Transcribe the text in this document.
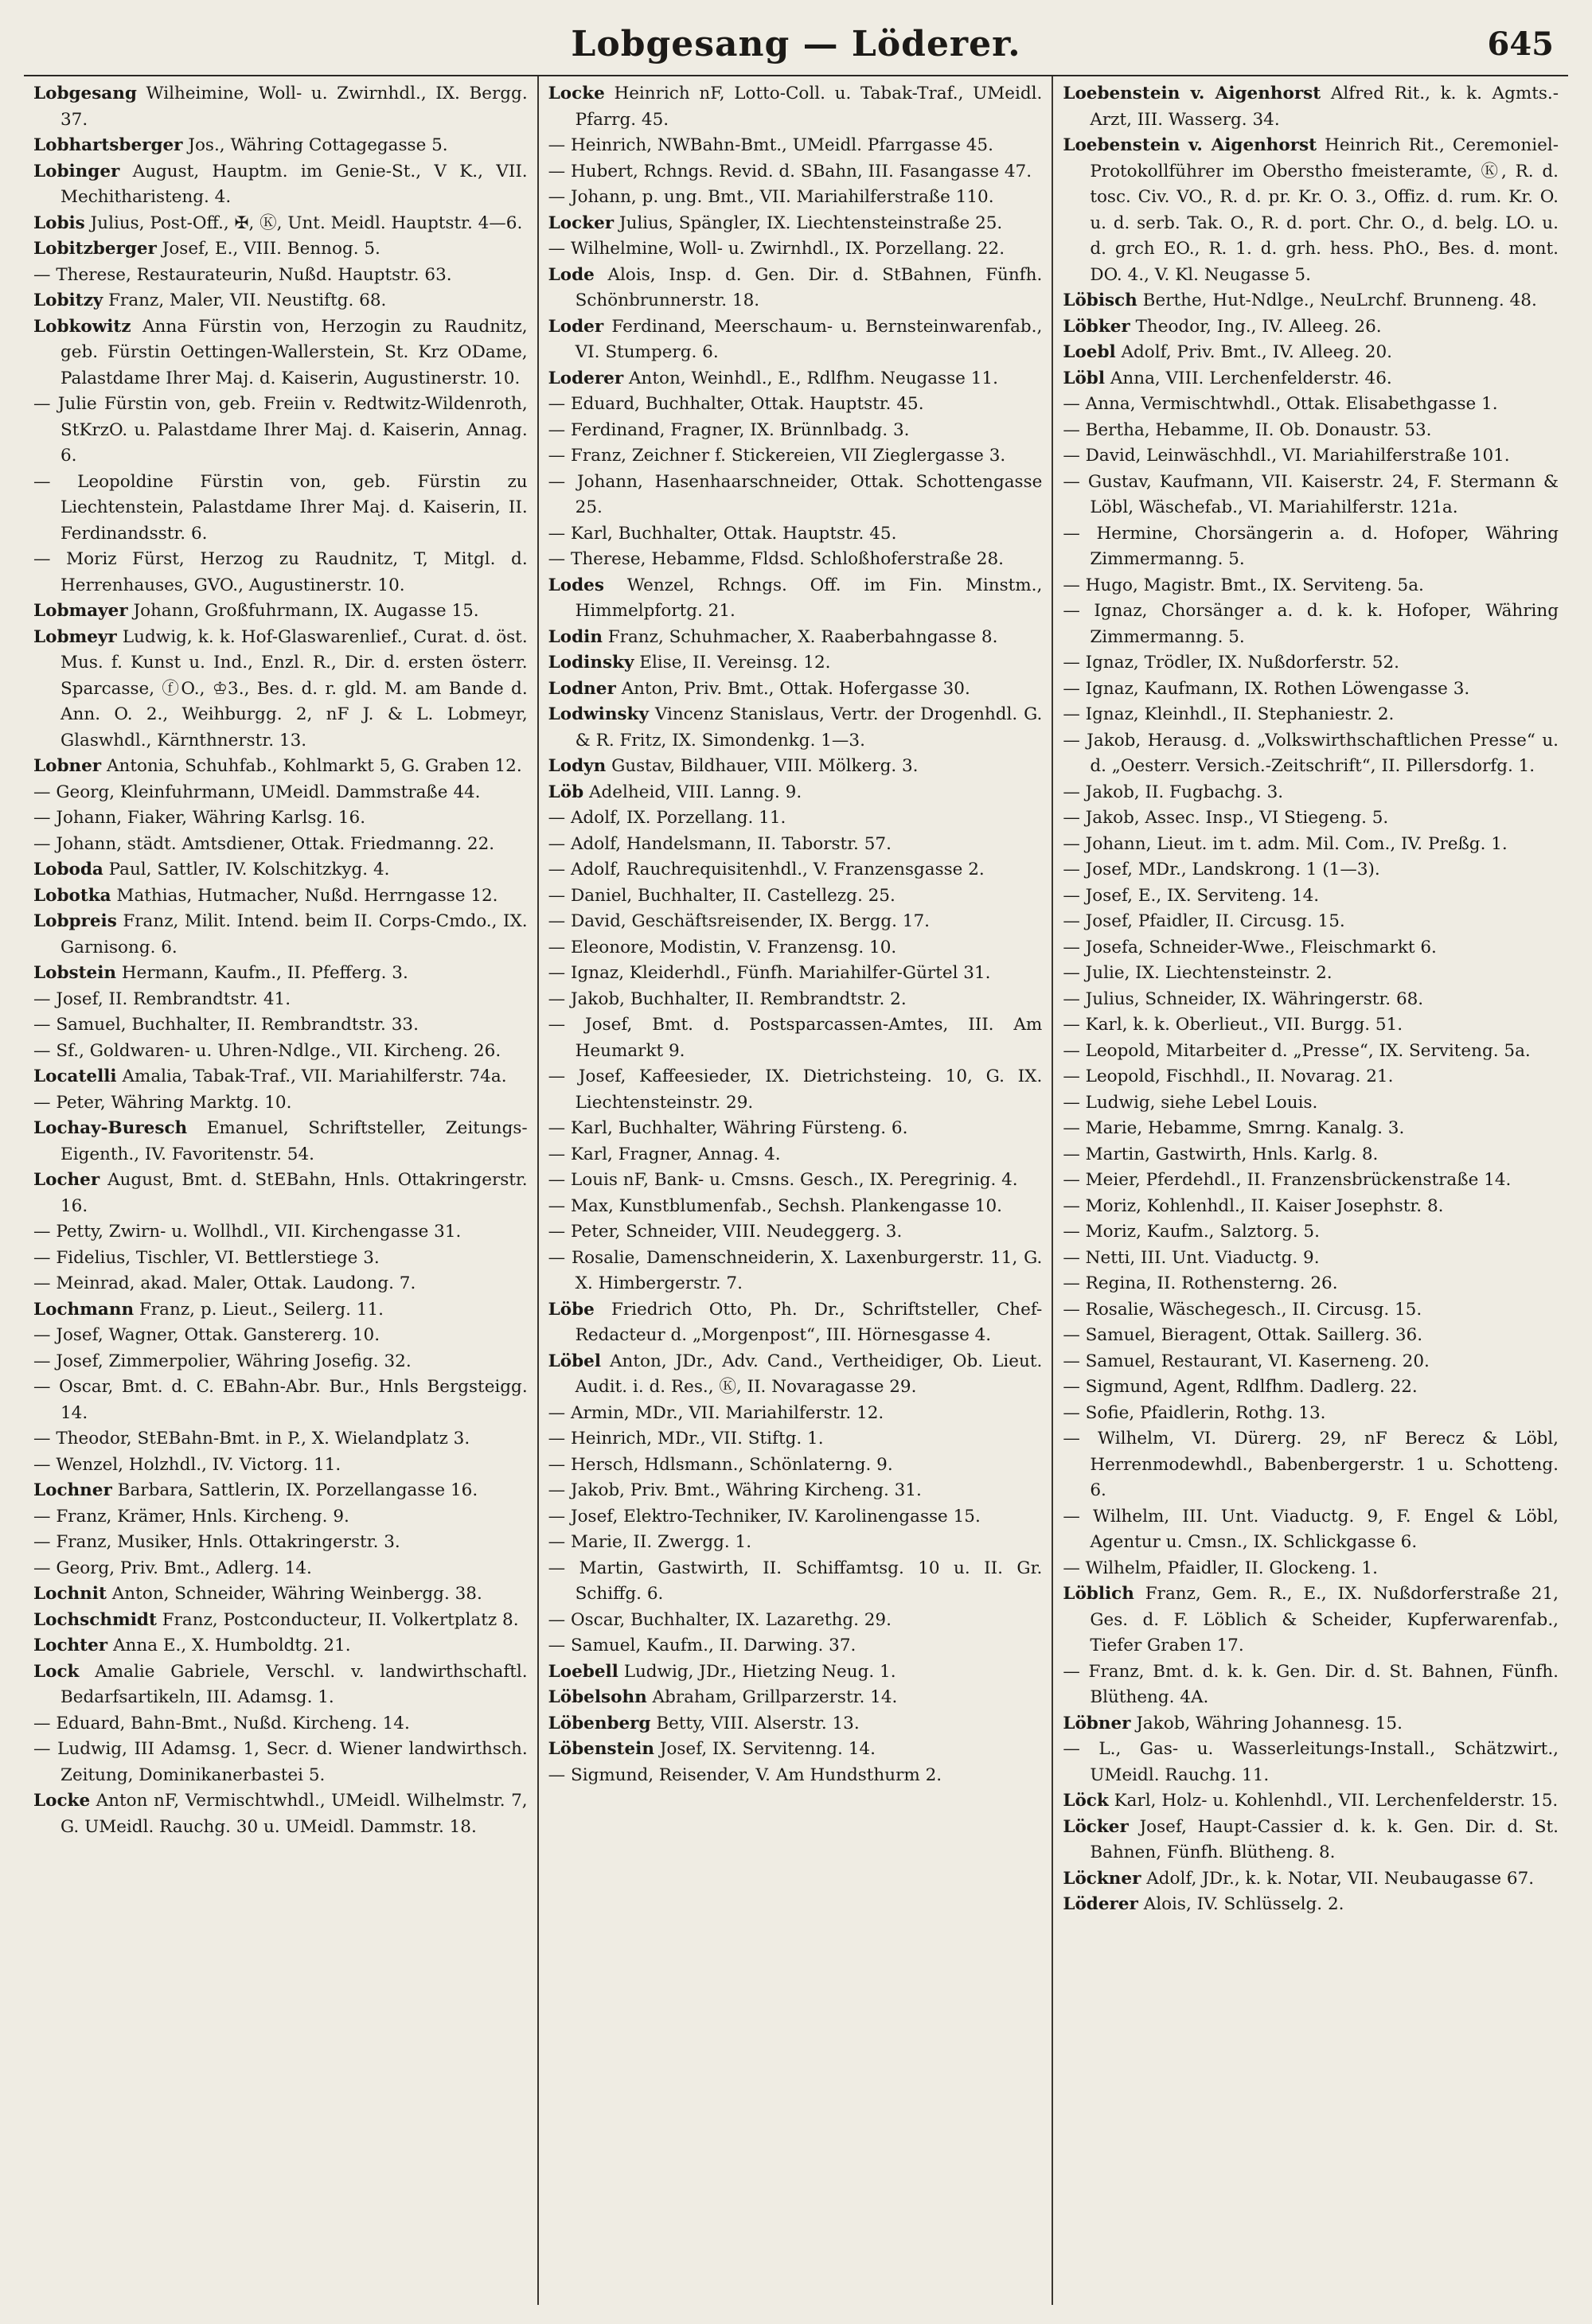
Lobgesang — Löderer.	645
Lobgesang Wilheimine, Woll- u. Zwirnhdl., IX. Bergg. 37.
Lobhartsberger Jos., Währing Cottagegasse 5.
Lobinger August, Hauptm. im Genie-St., V K., VII. Mechitharisteng. 4.
Lobis Julius, Post-Off., ✠, Ⓚ, Unt. Meidl. Hauptstr. 4—6.
Lobitzberger Josef, E., VIII. Bennog. 5.
— Therese, Restaurateurin, Nußd. Hauptstr. 63.
Lobitzy Franz, Maler, VII. Neustiftg. 68.
Lobkowitz Anna Fürstin von, Herzogin zu Raudnitz, geb. Fürstin Oettingen-Wallerstein, St. Krz ODame, Palastdame Ihrer Maj. d. Kaiserin, Augustinerstr. 10.
— Julie Fürstin von, geb. Freiin v. Redtwitz-Wildenroth, StKrzO. u. Palastdame Ihrer Maj. d. Kaiserin, Annag. 6.
— Leopoldine Fürstin von, geb. Fürstin zu Liechtenstein, Palastdame Ihrer Maj. d. Kaiserin, II. Ferdinandsstr. 6.
— Moriz Fürst, Herzog zu Raudnitz, T, Mitgl. d. Herrenhauses, GVO., Augustinerstr. 10.
Lobmayer Johann, Großfuhrmann, IX. Augasse 15.
Lobmeyr Ludwig, k. k. Hof-Glaswarenlief., Curat. d. öst. Mus. f. Kunst u. Ind., Enzl. R., Dir. d. ersten österr. Sparcasse, ⓕO., ♔3., Bes. d. r. gld. M. am Bande d. Ann. O. 2., Weihburgg. 2, nF J. & L. Lobmeyr, Glaswhdl., Kärnthnerstr. 13.
Lobner Antonia, Schuhfab., Kohlmarkt 5, G. Graben 12.
— Georg, Kleinfuhrmann, UMeidl. Dammstraße 44.
— Johann, Fiaker, Währing Karlsg. 16.
— Johann, städt. Amtsdiener, Ottak. Friedmanng. 22.
Loboda Paul, Sattler, IV. Kolschitzkyg. 4.
Lobotka Mathias, Hutmacher, Nußd. Herrngasse 12.
Lobpreis Franz, Milit. Intend. beim II. Corps-Cmdo., IX. Garnisong. 6.
Lobstein Hermann, Kaufm., II. Pfefferg. 3.
— Josef, II. Rembrandtstr. 41.
— Samuel, Buchhalter, II. Rembrandtstr. 33.
— Sf., Goldwaren- u. Uhren-Ndlge., VII. Kircheng. 26.
Locatelli Amalia, Tabak-Traf., VII. Mariahilferstr. 74a.
— Peter, Währing Marktg. 10.
Lochay-Buresch Emanuel, Schriftsteller, Zeitungs-Eigenth., IV. Favoritenstr. 54.
Locher August, Bmt. d. StEBahn, Hnls. Ottakringerstr. 16.
— Petty, Zwirn- u. Wollhdl., VII. Kirchengasse 31.
— Fidelius, Tischler, VI. Bettlerstiege 3.
— Meinrad, akad. Maler, Ottak. Laudong. 7.
Lochmann Franz, p. Lieut., Seilerg. 11.
— Josef, Wagner, Ottak. Ganstererg. 10.
— Josef, Zimmerpolier, Währing Josefig. 32.
— Oscar, Bmt. d. C. EBahn-Abr. Bur., Hnls Bergsteigg. 14.
— Theodor, StEBahn-Bmt. in P., X. Wielandplatz 3.
— Wenzel, Holzhdl., IV. Victorg. 11.
Lochner Barbara, Sattlerin, IX. Porzellangasse 16.
— Franz, Krämer, Hnls. Kircheng. 9.
— Franz, Musiker, Hnls. Ottakringerstr. 3.
— Georg, Priv. Bmt., Adlerg. 14.
Lochnit Anton, Schneider, Währing Weinbergg. 38.
Lochschmidt Franz, Postconducteur, II. Volkertplatz 8.
Lochter Anna E., X. Humboldtg. 21.
Lock Amalie Gabriele, Verschl. v. landwirthschaftl. Bedarfsartikeln, III. Adamsg. 1.
— Eduard, Bahn-Bmt., Nußd. Kircheng. 14.
— Ludwig, III Adamsg. 1, Secr. d. Wiener landwirthsch. Zeitung, Dominikanerbastei 5.
Locke Anton nF, Vermischtwhdl., UMeidl. Wilhelmstr. 7, G. UMeidl. Rauchg. 30 u. UMeidl. Dammstr. 18.
Locke Heinrich nF, Lotto-Coll. u. Tabak-Traf., UMeidl. Pfarrg. 45.
— Heinrich, NWBahn-Bmt., UMeidl. Pfarrgasse 45.
— Hubert, Rchngs. Revid. d. SBahn, III. Fasangasse 47.
— Johann, p. ung. Bmt., VII. Mariahilferstraße 110.
Locker Julius, Spängler, IX. Liechtensteinstraße 25.
— Wilhelmine, Woll- u. Zwirnhdl., IX. Porzellang. 22.
Lode Alois, Insp. d. Gen. Dir. d. StBahnen, Fünfh. Schönbrunnerstr. 18.
Loder Ferdinand, Meerschaum- u. Bernsteinwarenfab., VI. Stumperg. 6.
Loderer Anton, Weinhdl., E., Rdlfhm. Neugasse 11.
— Eduard, Buchhalter, Ottak. Hauptstr. 45.
— Ferdinand, Fragner, IX. Brünnlbadg. 3.
— Franz, Zeichner f. Stickereien, VII Zieglergasse 3.
— Johann, Hasenhaarschneider, Ottak. Schottengasse 25.
— Karl, Buchhalter, Ottak. Hauptstr. 45.
— Therese, Hebamme, Fldsd. Schloßhoferstraße 28.
Lodes Wenzel, Rchngs. Off. im Fin. Minstm., Himmelpfortg. 21.
Lodin Franz, Schuhmacher, X. Raaberbahngasse 8.
Lodinsky Elise, II. Vereinsg. 12.
Lodner Anton, Priv. Bmt., Ottak. Hofergasse 30.
Lodwinsky Vincenz Stanislaus, Vertr. der Drogenhdl. G. & R. Fritz, IX. Simondenkg. 1—3.
Lodyn Gustav, Bildhauer, VIII. Mölkerg. 3.
Löb Adelheid, VIII. Lanng. 9.
— Adolf, IX. Porzellang. 11.
— Adolf, Handelsmann, II. Taborstr. 57.
— Adolf, Rauchrequisitenhdl., V. Franzensgasse 2.
— Daniel, Buchhalter, II. Castellezg. 25.
— David, Geschäftsreisender, IX. Bergg. 17.
— Eleonore, Modistin, V. Franzensg. 10.
— Ignaz, Kleiderhdl., Fünfh. Mariahilfer-Gürtel 31.
— Jakob, Buchhalter, II. Rembrandtstr. 2.
— Josef, Bmt. d. Postsparcassen-Amtes, III. Am Heumarkt 9.
— Josef, Kaffeesieder, IX. Dietrichsteing. 10, G. IX. Liechtensteinstr. 29.
— Karl, Buchhalter, Währing Fürsteng. 6.
— Karl, Fragner, Annag. 4.
— Louis nF, Bank- u. Cmsns. Gesch., IX. Peregrinig. 4.
— Max, Kunstblumenfab., Sechsh. Plankengasse 10.
— Peter, Schneider, VIII. Neudeggerg. 3.
— Rosalie, Damenschneiderin, X. Laxenburgerstr. 11, G. X. Himbergerstr. 7.
Löbe Friedrich Otto, Ph. Dr., Schriftsteller, Chef-Redacteur d. „Morgenpost“, III. Hörnesgasse 4.
Löbel Anton, JDr., Adv. Cand., Vertheidiger, Ob. Lieut. Audit. i. d. Res., Ⓚ, II. Novaragasse 29.
— Armin, MDr., VII. Mariahilferstr. 12.
— Heinrich, MDr., VII. Stiftg. 1.
— Hersch, Hdlsmann., Schönlaterng. 9.
— Jakob, Priv. Bmt., Währing Kircheng. 31.
— Josef, Elektro-Techniker, IV. Karolinengasse 15.
— Marie, II. Zwergg. 1.
— Martin, Gastwirth, II. Schiffamtsg. 10 u. II. Gr. Schiffg. 6.
— Oscar, Buchhalter, IX. Lazarethg. 29.
— Samuel, Kaufm., II. Darwing. 37.
Loebell Ludwig, JDr., Hietzing Neug. 1.
Löbelsohn Abraham, Grillparzerstr. 14.
Löbenberg Betty, VIII. Alserstr. 13.
Löbenstein Josef, IX. Servitenng. 14.
— Sigmund, Reisender, V. Am Hundsthurm 2.
Loebenstein v. Aigenhorst Alfred Rit., k. k. Agmts.-Arzt, III. Wasserg. 34.
Loebenstein v. Aigenhorst Heinrich Rit., Ceremoniel-Protokollführer im Oberstho fmeisteramte, Ⓚ, R. d. tosc. Civ. VO., R. d. pr. Kr. O. 3., Offiz. d. rum. Kr. O. u. d. serb. Tak. O., R. d. port. Chr. O., d. belg. LO. u. d. grch EO., R. 1. d. grh. hess. PhO., Bes. d. mont. DO. 4., V. Kl. Neugasse 5.
Löbisch Berthe, Hut-Ndlge., NeuLrchf. Brunneng. 48.
Löbker Theodor, Ing., IV. Alleeg. 26.
Loebl Adolf, Priv. Bmt., IV. Alleeg. 20.
Löbl Anna, VIII. Lerchenfelderstr. 46.
— Anna, Vermischtwhdl., Ottak. Elisabethgasse 1.
— Bertha, Hebamme, II. Ob. Donaustr. 53.
— David, Leinwäschhdl., VI. Mariahilferstraße 101.
— Gustav, Kaufmann, VII. Kaiserstr. 24, F. Stermann & Löbl, Wäschefab., VI. Mariahilferstr. 121a.
— Hermine, Chorsängerin a. d. Hofoper, Währing Zimmermanng. 5.
— Hugo, Magistr. Bmt., IX. Serviteng. 5a.
— Ignaz, Chorsänger a. d. k. k. Hofoper, Währing Zimmermanng. 5.
— Ignaz, Trödler, IX. Nußdorferstr. 52.
— Ignaz, Kaufmann, IX. Rothen Löwengasse 3.
— Ignaz, Kleinhdl., II. Stephaniestr. 2.
— Jakob, Herausg. d. „Volkswirthschaftlichen Presse“ u. d. „Oesterr. Versich.-Zeitschrift“, II. Pillersdorfg. 1.
— Jakob, II. Fugbachg. 3.
— Jakob, Assec. Insp., VI Stiegeng. 5.
— Johann, Lieut. im t. adm. Mil. Com., IV. Preßg. 1.
— Josef, MDr., Landskrong. 1 (1—3).
— Josef, E., IX. Serviteng. 14.
— Josef, Pfaidler, II. Circusg. 15.
— Josefa, Schneider-Wwe., Fleischmarkt 6.
— Julie, IX. Liechtensteinstr. 2.
— Julius, Schneider, IX. Währingerstr. 68.
— Karl, k. k. Oberlieut., VII. Burgg. 51.
— Leopold, Mitarbeiter d. „Presse“, IX. Serviteng. 5a.
— Leopold, Fischhdl., II. Novarag. 21.
— Ludwig, siehe Lebel Louis.
— Marie, Hebamme, Smrng. Kanalg. 3.
— Martin, Gastwirth, Hnls. Karlg. 8.
— Meier, Pferdehdl., II. Franzensbrückenstraße 14.
— Moriz, Kohlenhdl., II. Kaiser Josephstr. 8.
— Moriz, Kaufm., Salztorg. 5.
— Netti, III. Unt. Viaductg. 9.
— Regina, II. Rothensterng. 26.
— Rosalie, Wäschegesch., II. Circusg. 15.
— Samuel, Bieragent, Ottak. Saillerg. 36.
— Samuel, Restaurant, VI. Kaserneng. 20.
— Sigmund, Agent, Rdlfhm. Dadlerg. 22.
— Sofie, Pfaidlerin, Rothg. 13.
— Wilhelm, VI. Dürerg. 29, nF Berecz & Löbl, Herrenmodewhdl., Babenbergerstr. 1 u. Schotteng. 6.
— Wilhelm, III. Unt. Viaductg. 9, F. Engel & Löbl, Agentur u. Cmsn., IX. Schlickgasse 6.
— Wilhelm, Pfaidler, II. Glockeng. 1.
Löblich Franz, Gem. R., E., IX. Nußdorferstraße 21, Ges. d. F. Löblich & Scheider, Kupferwarenfab., Tiefer Graben 17.
— Franz, Bmt. d. k. k. Gen. Dir. d. St. Bahnen, Fünfh. Blütheng. 4A.
Löbner Jakob, Währing Johannesg. 15.
— L., Gas- u. Wasserleitungs-Install., Schätzwirt., UMeidl. Rauchg. 11.
Löck Karl, Holz- u. Kohlenhdl., VII. Lerchenfelderstr. 15.
Löcker Josef, Haupt-Cassier d. k. k. Gen. Dir. d. St. Bahnen, Fünfh. Blütheng. 8.
Löckner Adolf, JDr., k. k. Notar, VII. Neubaugasse 67.
Löderer Alois, IV. Schlüsselg. 2.
